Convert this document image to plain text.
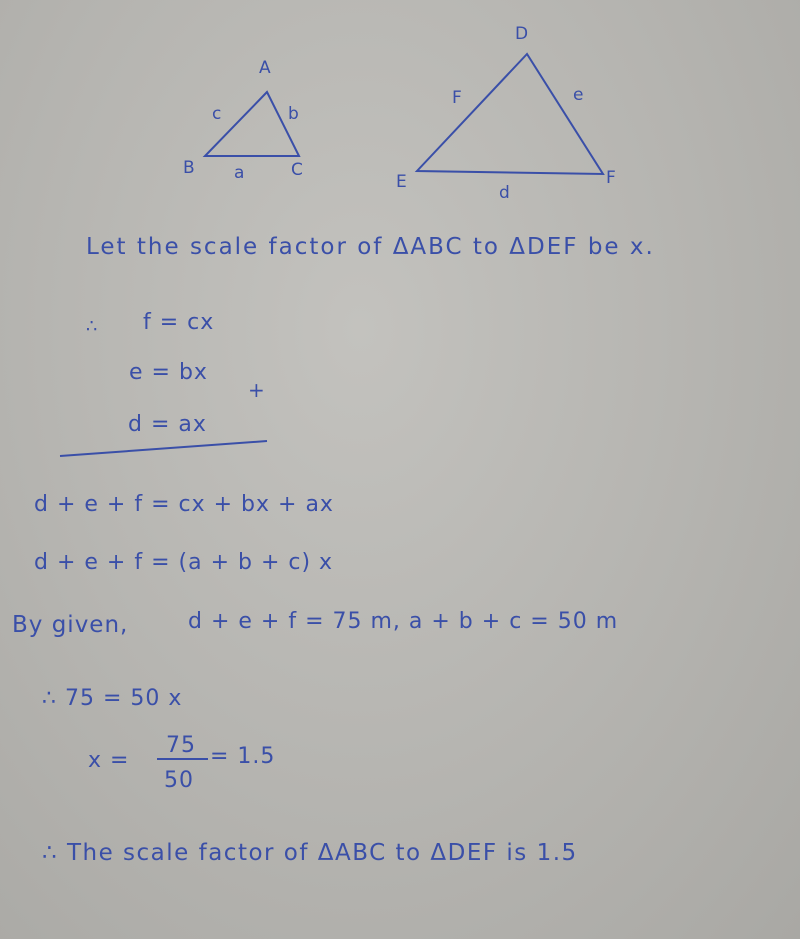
A
B	C
a
b
c
D
E	F
d
e
F
Let the scale factor of ΔABC to ΔDEF be x.
∴ f = cx
e = bx
+
d = ax
d + e + f = cx + bx + ax
d + e + f = (a + b + c) x
By given,	d + e + f = 75 m, a + b + c = 50 m
∴ 75 = 50 x
x =
75
50
= 1.5
∴ The scale factor of ΔABC to ΔDEF is 1.5
